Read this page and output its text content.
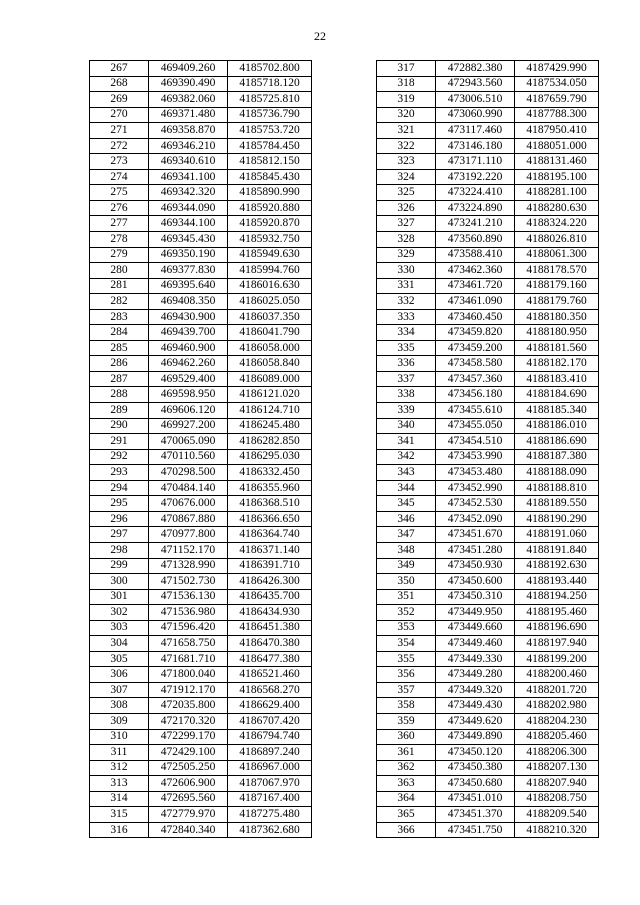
22
267	469409.260	4185702.800
268	469390.490	4185718.120
269	469382.060	4185725.810
270	469371.480	4185736.790
271	469358.870	4185753.720
272	469346.210	4185784.450
273	469340.610	4185812.150
274	469341.100	4185845.430
275	469342.320	4185890.990
276	469344.090	4185920.880
277	469344.100	4185920.870
278	469345.430	4185932.750
279	469350.190	4185949.630
280	469377.830	4185994.760
281	469395.640	4186016.630
282	469408.350	4186025.050
283	469430.900	4186037.350
284	469439.700	4186041.790
285	469460.900	4186058.000
286	469462.260	4186058.840
287	469529.400	4186089.000
288	469598.950	4186121.020
289	469606.120	4186124.710
290	469927.200	4186245.480
291	470065.090	4186282.850
292	470110.560	4186295.030
293	470298.500	4186332.450
294	470484.140	4186355.960
295	470676.000	4186368.510
296	470867.880	4186366.650
297	470977.800	4186364.740
298	471152.170	4186371.140
299	471328.990	4186391.710
300	471502.730	4186426.300
301	471536.130	4186435.700
302	471536.980	4186434.930
303	471596.420	4186451.380
304	471658.750	4186470.380
305	471681.710	4186477.380
306	471800.040	4186521.460
307	471912.170	4186568.270
308	472035.800	4186629.400
309	472170.320	4186707.420
310	472299.170	4186794.740
311	472429.100	4186897.240
312	472505.250	4186967.000
313	472606.900	4187067.970
314	472695.560	4187167.400
315	472779.970	4187275.480
316	472840.340	4187362.680
317	472882.380	4187429.990
318	472943.560	4187534.050
319	473006.510	4187659.790
320	473060.990	4187788.300
321	473117.460	4187950.410
322	473146.180	4188051.000
323	473171.110	4188131.460
324	473192.220	4188195.100
325	473224.410	4188281.100
326	473224.890	4188280.630
327	473241.210	4188324.220
328	473560.890	4188026.810
329	473588.410	4188061.300
330	473462.360	4188178.570
331	473461.720	4188179.160
332	473461.090	4188179.760
333	473460.450	4188180.350
334	473459.820	4188180.950
335	473459.200	4188181.560
336	473458.580	4188182.170
337	473457.360	4188183.410
338	473456.180	4188184.690
339	473455.610	4188185.340
340	473455.050	4188186.010
341	473454.510	4188186.690
342	473453.990	4188187.380
343	473453.480	4188188.090
344	473452.990	4188188.810
345	473452.530	4188189.550
346	473452.090	4188190.290
347	473451.670	4188191.060
348	473451.280	4188191.840
349	473450.930	4188192.630
350	473450.600	4188193.440
351	473450.310	4188194.250
352	473449.950	4188195.460
353	473449.660	4188196.690
354	473449.460	4188197.940
355	473449.330	4188199.200
356	473449.280	4188200.460
357	473449.320	4188201.720
358	473449.430	4188202.980
359	473449.620	4188204.230
360	473449.890	4188205.460
361	473450.120	4188206.300
362	473450.380	4188207.130
363	473450.680	4188207.940
364	473451.010	4188208.750
365	473451.370	4188209.540
366	473451.750	4188210.320
